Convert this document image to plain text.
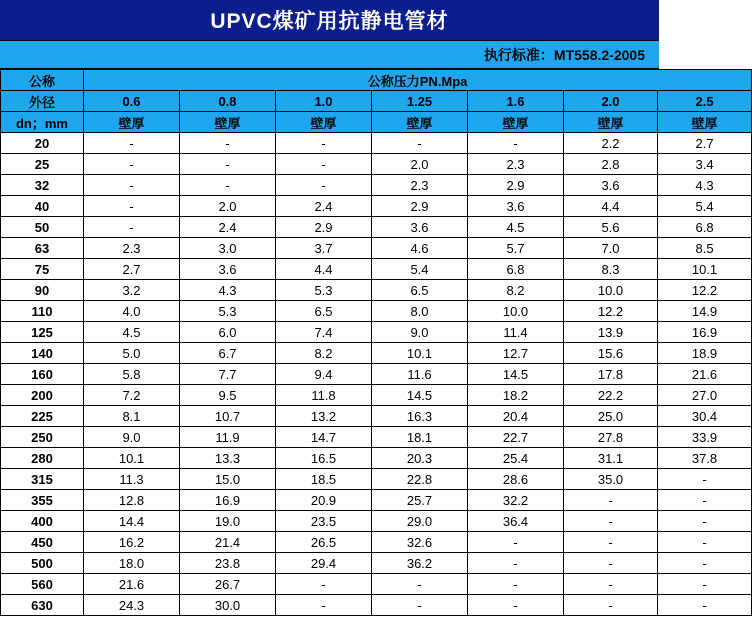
UPVC煤矿用抗静电管材
执行标准：MT558.2-2005
公称	公称压力PN.Mpa						
外径	0.6	0.8	1.0	1.25	1.6	2.0	2.5
dn；mm	壁厚	壁厚	壁厚	壁厚	壁厚	壁厚	壁厚
20	-	-	-	-	-	2.2	2.7
25	-	-	-	2.0	2.3	2.8	3.4
32	-	-	-	2.3	2.9	3.6	4.3
40	-	2.0	2.4	2.9	3.6	4.4	5.4
50	-	2.4	2.9	3.6	4.5	5.6	6.8
63	2.3	3.0	3.7	4.6	5.7	7.0	8.5
75	2.7	3.6	4.4	5.4	6.8	8.3	10.1
90	3.2	4.3	5.3	6.5	8.2	10.0	12.2
110	4.0	5.3	6.5	8.0	10.0	12.2	14.9
125	4.5	6.0	7.4	9.0	11.4	13.9	16.9
140	5.0	6.7	8.2	10.1	12.7	15.6	18.9
160	5.8	7.7	9.4	11.6	14.5	17.8	21.6
200	7.2	9.5	11.8	14.5	18.2	22.2	27.0
225	8.1	10.7	13.2	16.3	20.4	25.0	30.4
250	9.0	11.9	14.7	18.1	22.7	27.8	33.9
280	10.1	13.3	16.5	20.3	25.4	31.1	37.8
315	11.3	15.0	18.5	22.8	28.6	35.0	-
355	12.8	16.9	20.9	25.7	32.2	-	-
400	14.4	19.0	23.5	29.0	36.4	-	-
450	16.2	21.4	26.5	32.6	-	-	-
500	18.0	23.8	29.4	36.2	-	-	-
560	21.6	26.7	-	-	-	-	-
630	24.3	30.0	-	-	-	-	-
